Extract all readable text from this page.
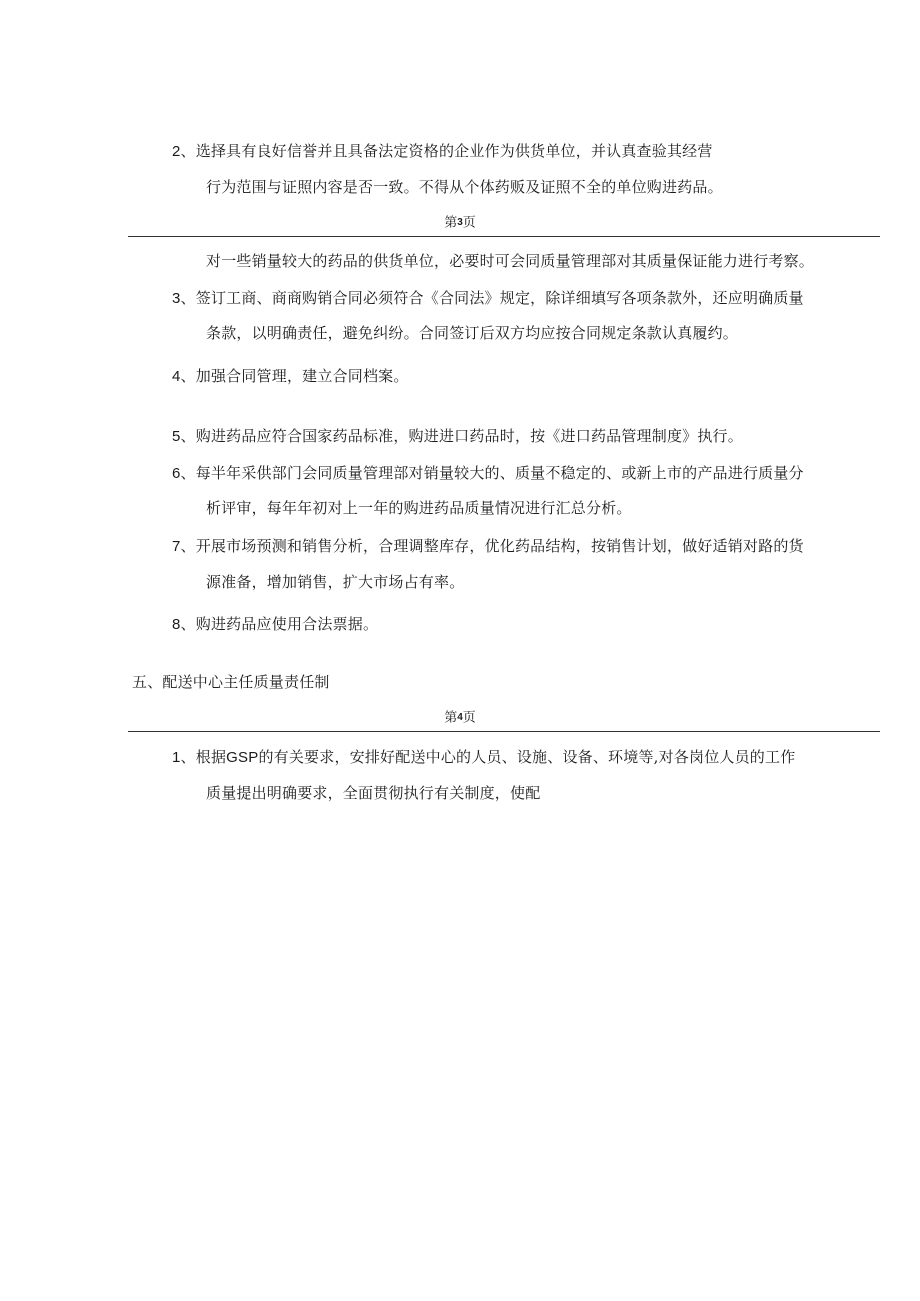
2、选择具有良好信誉并且具备法定资格的企业作为供货单位，并认真查验其经营
行为范围与证照内容是否一致。不得从个体药贩及证照不全的单位购进药品。
第3页
对一些销量较大的药品的供货单位，必要时可会同质量管理部对其质量保证能力进行考察。
3、签订工商、商商购销合同必须符合《合同法》规定，除详细填写各项条款外，还应明确质量
条款，以明确责任，避免纠纷。合同签订后双方均应按合同规定条款认真履约。
4、加强合同管理，建立合同档案。
5、购进药品应符合国家药品标准，购进进口药品时，按《进口药品管理制度》执行。
6、每半年采供部门会同质量管理部对销量较大的、质量不稳定的、或新上市的产品进行质量分
析评审，每年年初对上一年的购进药品质量情况进行汇总分析。
7、开展市场预测和销售分析，合理调整库存，优化药品结构，按销售计划，做好适销对路的货
源准备，增加销售，扩大市场占有率。
8、购进药品应使用合法票据。
五、配送中心主任质量责任制
第4页
1、根据GSP的有关要求，安排好配送中心的人员、设施、设备、环境等,对各岗位人员的工作
质量提出明确要求，全面贯彻执行有关制度，使配
